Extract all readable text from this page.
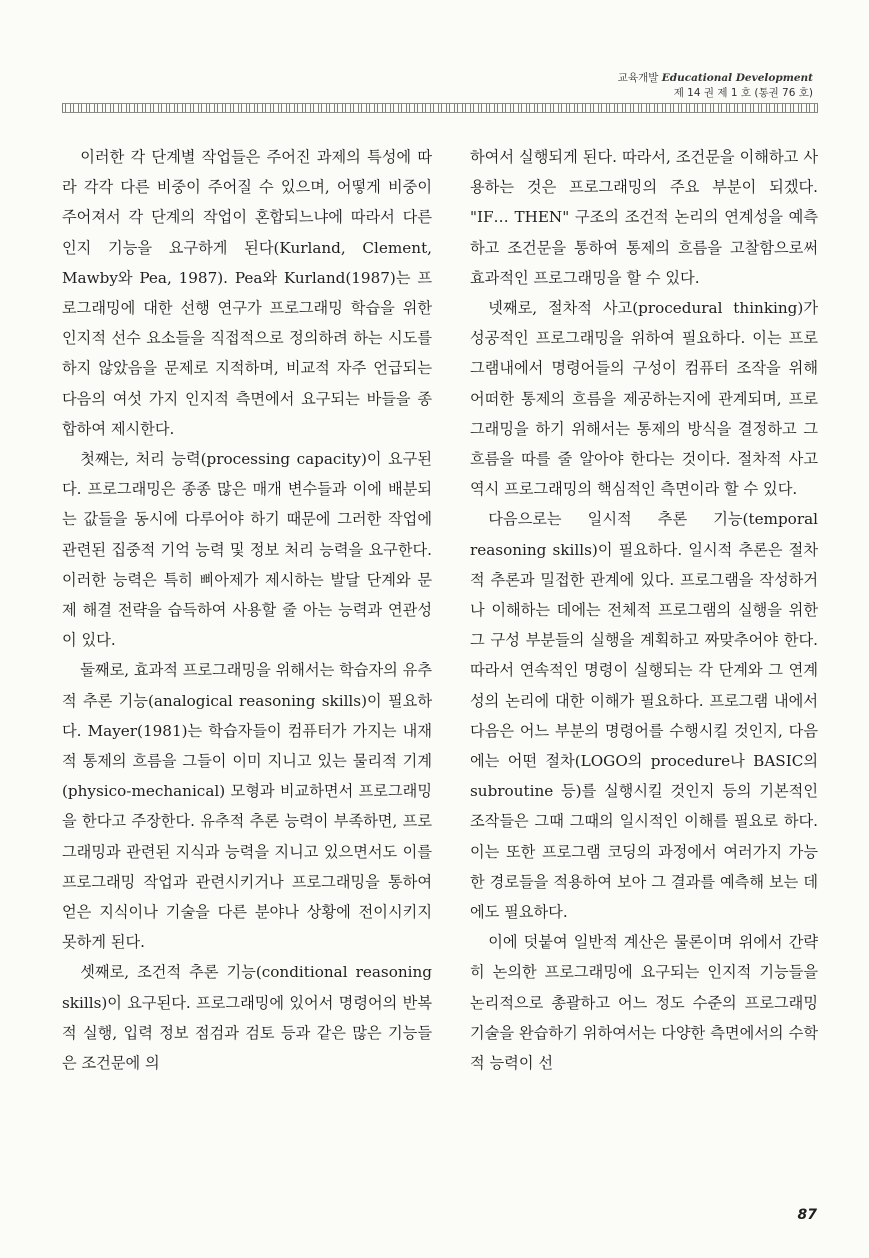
교육개발 Educational Development
제 14 권 제 1 호 (통권 76 호)

이러한 각 단계별 작업들은 주어진 과제의 특성에 따라 각각 다른 비중이 주어질 수 있으며, 어떻게 비중이 주어져서 각 단계의 작업이 혼합되느냐에 따라서 다른 인지 기능을 요구하게 된다(Kurland, Clement, Mawby와 Pea, 1987). Pea와 Kurland(1987)는 프로그래밍에 대한 선행 연구가 프로그래밍 학습을 위한 인지적 선수 요소들을 직접적으로 정의하려 하는 시도를 하지 않았음을 문제로 지적하며, 비교적 자주 언급되는 다음의 여섯 가지 인지적 측면에서 요구되는 바들을 종합하여 제시한다.

첫째는, 처리 능력(processing capacity)이 요구된다. 프로그래밍은 종종 많은 매개 변수들과 이에 배분되는 값들을 동시에 다루어야 하기 때문에 그러한 작업에 관련된 집중적 기억 능력 및 정보 처리 능력을 요구한다. 이러한 능력은 특히 삐아제가 제시하는 발달 단계와 문제 해결 전략을 습득하여 사용할 줄 아는 능력과 연관성이 있다.

둘째로, 효과적 프로그래밍을 위해서는 학습자의 유추적 추론 기능(analogical reasoning skills)이 필요하다. Mayer(1981)는 학습자들이 컴퓨터가 가지는 내재적 통제의 흐름을 그들이 이미 지니고 있는 물리적 기계(physico-mechanical) 모형과 비교하면서 프로그래밍을 한다고 주장한다. 유추적 추론 능력이 부족하면, 프로그래밍과 관련된 지식과 능력을 지니고 있으면서도 이를 프로그래밍 작업과 관련시키거나 프로그래밍을 통하여 얻은 지식이나 기술을 다른 분야나 상황에 전이시키지 못하게 된다.

셋째로, 조건적 추론 기능(conditional reasoning skills)이 요구된다. 프로그래밍에 있어서 명령어의 반복적 실행, 입력 정보 점검과 검토 등과 같은 많은 기능들은 조건문에 의

하여서 실행되게 된다. 따라서, 조건문을 이해하고 사용하는 것은 프로그래밍의 주요 부분이 되겠다. "IF… THEN" 구조의 조건적 논리의 연계성을 예측하고 조건문을 통하여 통제의 흐름을 고찰함으로써 효과적인 프로그래밍을 할 수 있다.

넷째로, 절차적 사고(procedural thinking)가 성공적인 프로그래밍을 위하여 필요하다. 이는 프로그램내에서 명령어들의 구성이 컴퓨터 조작을 위해 어떠한 통제의 흐름을 제공하는지에 관계되며, 프로그래밍을 하기 위해서는 통제의 방식을 결정하고 그 흐름을 따를 줄 알아야 한다는 것이다. 절차적 사고 역시 프로그래밍의 핵심적인 측면이라 할 수 있다.

다음으로는 일시적 추론 기능(temporal reasoning skills)이 필요하다. 일시적 추론은 절차적 추론과 밀접한 관계에 있다. 프로그램을 작성하거나 이해하는 데에는 전체적 프로그램의 실행을 위한 그 구성 부분들의 실행을 계획하고 짜맞추어야 한다. 따라서 연속적인 명령이 실행되는 각 단계와 그 연계성의 논리에 대한 이해가 필요하다. 프로그램 내에서 다음은 어느 부분의 명령어를 수행시킬 것인지, 다음에는 어떤 절차(LOGO의 procedure나 BASIC의 subroutine 등)를 실행시킬 것인지 등의 기본적인 조작들은 그때 그때의 일시적인 이해를 필요로 하다. 이는 또한 프로그램 코딩의 과정에서 여러가지 가능한 경로들을 적용하여 보아 그 결과를 예측해 보는 데에도 필요하다.

이에 덧붙여 일반적 계산은 물론이며 위에서 간략히 논의한 프로그래밍에 요구되는 인지적 기능들을 논리적으로 총괄하고 어느 정도 수준의 프로그래밍 기술을 완습하기 위하여서는 다양한 측면에서의 수학적 능력이 선

87
